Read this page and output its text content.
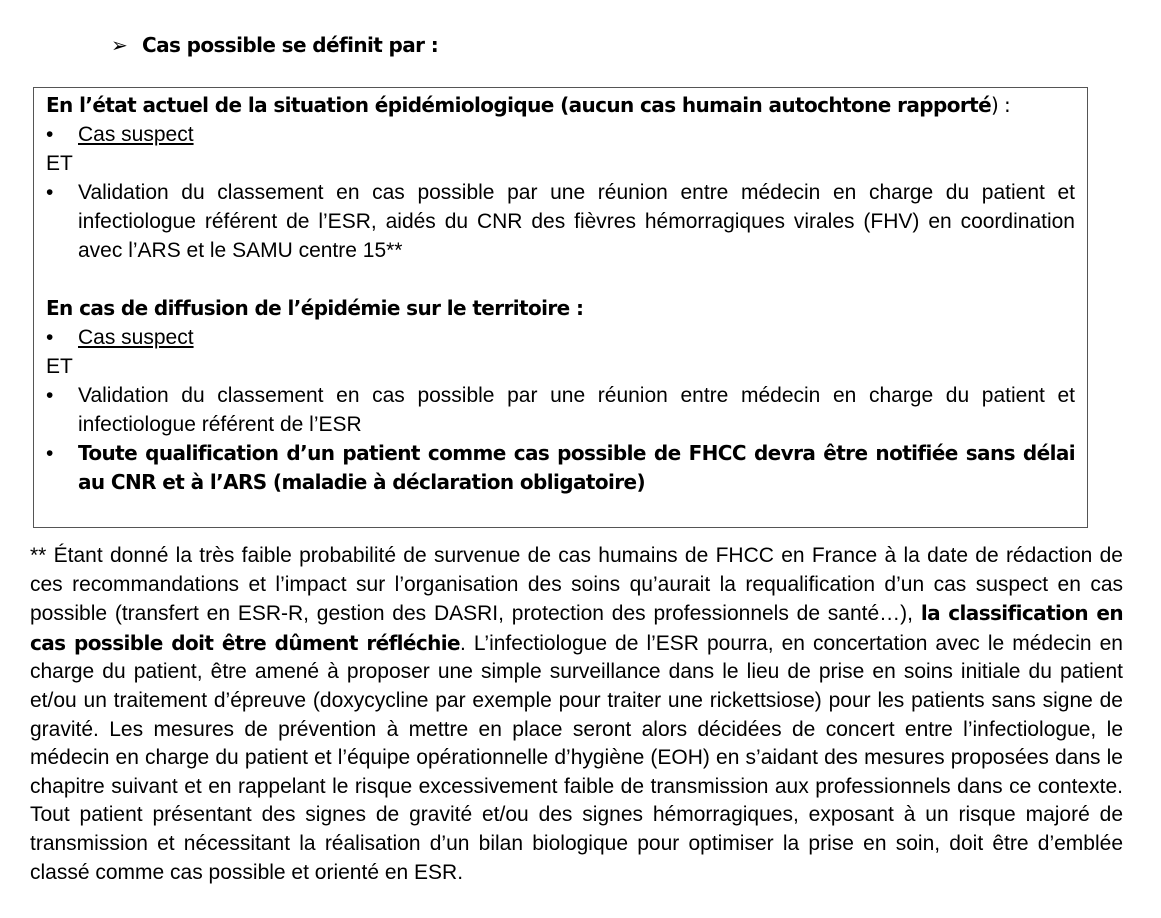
➢ Cas possible se définit par :
En l’état actuel de la situation épidémiologique (aucun cas humain autochtone rapporté) :
•	Cas suspect
ET
•	Validation du classement en cas possible par une réunion entre médecin en charge du patient et infectiologue référent de l’ESR, aidés du CNR des fièvres hémorragiques virales (FHV) en coordination avec l’ARS et le SAMU centre 15**
En cas de diffusion de l’épidémie sur le territoire :
•	Cas suspect
ET
•	Validation du classement en cas possible par une réunion entre médecin en charge du patient et infectiologue référent de l’ESR
•	Toute qualification d’un patient comme cas possible de FHCC devra être notifiée sans délai au CNR et à l’ARS (maladie à déclaration obligatoire)
** Étant donné la très faible probabilité de survenue de cas humains de FHCC en France à la date de rédaction de ces recommandations et l’impact sur l’organisation des soins qu’aurait la requalification d’un cas suspect en cas possible (transfert en ESR-R, gestion des DASRI, protection des professionnels de santé…), la classification en cas possible doit être dûment réfléchie. L’infectiologue de l’ESR pourra, en concertation avec le médecin en charge du patient, être amené à proposer une simple surveillance dans le lieu de prise en soins initiale du patient et/ou un traitement d’épreuve (doxycycline par exemple pour traiter une rickettsiose) pour les patients sans signe de gravité. Les mesures de prévention à mettre en place seront alors décidées de concert entre l’infectiologue, le médecin en charge du patient et l’équipe opérationnelle d’hygiène (EOH) en s’aidant des mesures proposées dans le chapitre suivant et en rappelant le risque excessivement faible de transmission aux professionnels dans ce contexte. Tout patient présentant des signes de gravité et/ou des signes hémorragiques, exposant à un risque majoré de transmission et nécessitant la réalisation d’un bilan biologique pour optimiser la prise en soin, doit être d’emblée classé comme cas possible et orienté en ESR.
